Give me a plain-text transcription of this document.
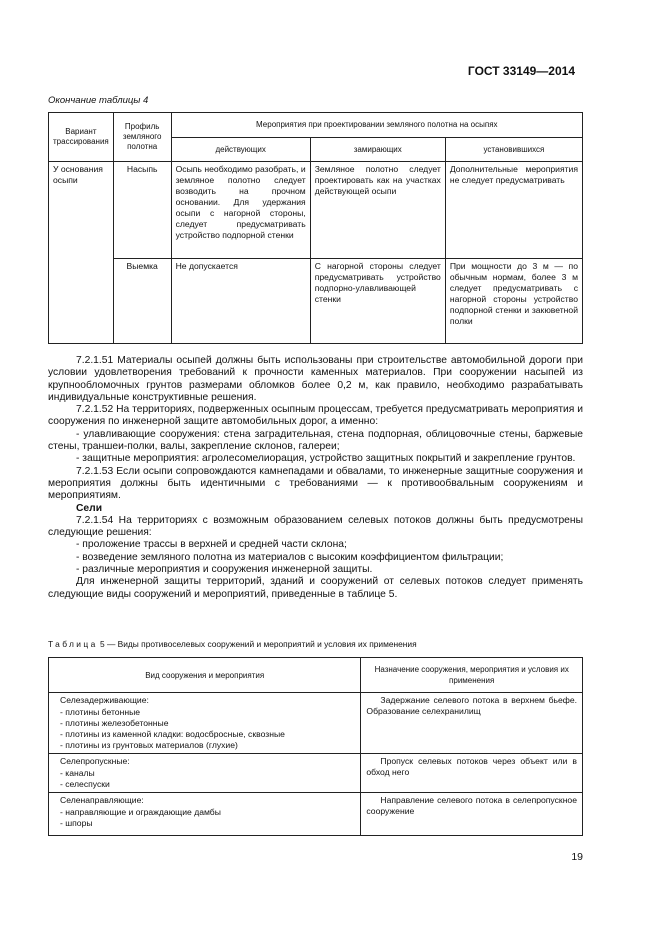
ГОСТ 33149—2014
Окончание таблицы 4
Вариант трассирования	Профиль земляного полотна	Мероприятия при проектировании земляного полотна на осыпях		
		действующих	замирающих	установившихся
У основания осыпи	Насыпь	Осыпь необходимо разобрать, и земляное полотно следует возводить на прочном основании. Для удержания осыпи с нагорной стороны, следует предусматривать устройство подпорной стенки	Земляное полотно следует проектировать как на участках действующей осыпи	Дополнительные мероприятия не следует предусматривать
	Выемка	Не допускается	С нагорной стороны следует предусматривать устройство подпорно-улавливающей стенки	При мощности до 3 м — по обычным нормам, более 3 м следует предусматривать с нагорной стороны устройство подпорной стенки и закюветной полки
7.2.1.51 Материалы осыпей должны быть использованы при строительстве автомобильной дороги при условии удовлетворения требований к прочности каменных материалов. При сооружении насыпей из крупнообломочных грунтов размерами обломков более 0,2 м, как правило, необходимо разрабатывать индивидуальные конструктивные решения.
7.2.1.52 На территориях, подверженных осыпным процессам, требуется предусматривать мероприятия и сооружения по инженерной защите автомобильных дорог, а именно:
- улавливающие сооружения: стена заградительная, стена подпорная, облицовочные стены, баржевые стены, траншеи-полки, валы, закрепление склонов, галереи;
- защитные мероприятия: агролесомелиорация, устройство защитных покрытий и закрепление грунтов.
7.2.1.53 Если осыпи сопровождаются камнепадами и обвалами, то инженерные защитные сооружения и мероприятия должны быть идентичными с требованиями — к противообвальным сооружениям и мероприятиям.
Сели
7.2.1.54 На территориях с возможным образованием селевых потоков должны быть предусмотрены следующие решения:
- проложение трассы в верхней и средней части склона;
- возведение земляного полотна из материалов с высоким коэффициентом фильтрации;
- различные мероприятия и сооружения инженерной защиты.
Для инженерной защиты территорий, зданий и сооружений от селевых потоков следует применять следующие виды сооружений и мероприятий, приведенные в таблице 5.
Таблица 5 — Виды противоселевых сооружений и мероприятий и условия их применения
Вид сооружения и мероприятия	Назначение сооружения, мероприятия и условия их применения

Селезадерживающие:
- плотины бетонные
- плотины железобетонные
- плотины из каменной кладки: водосбросные, сквозные
- плотины из грунтовых материалов (глухие)	Задержание селевого потока в верхнем бьефе. Образование селехранилищ

Селепропускные:
- каналы
- селеспуски	Пропуск селевых потоков через объект или в обход него

Селенаправляющие:
- направляющие и ограждающие дамбы
- шпоры	Направление селевого потока в селепропускное сооружение
19
